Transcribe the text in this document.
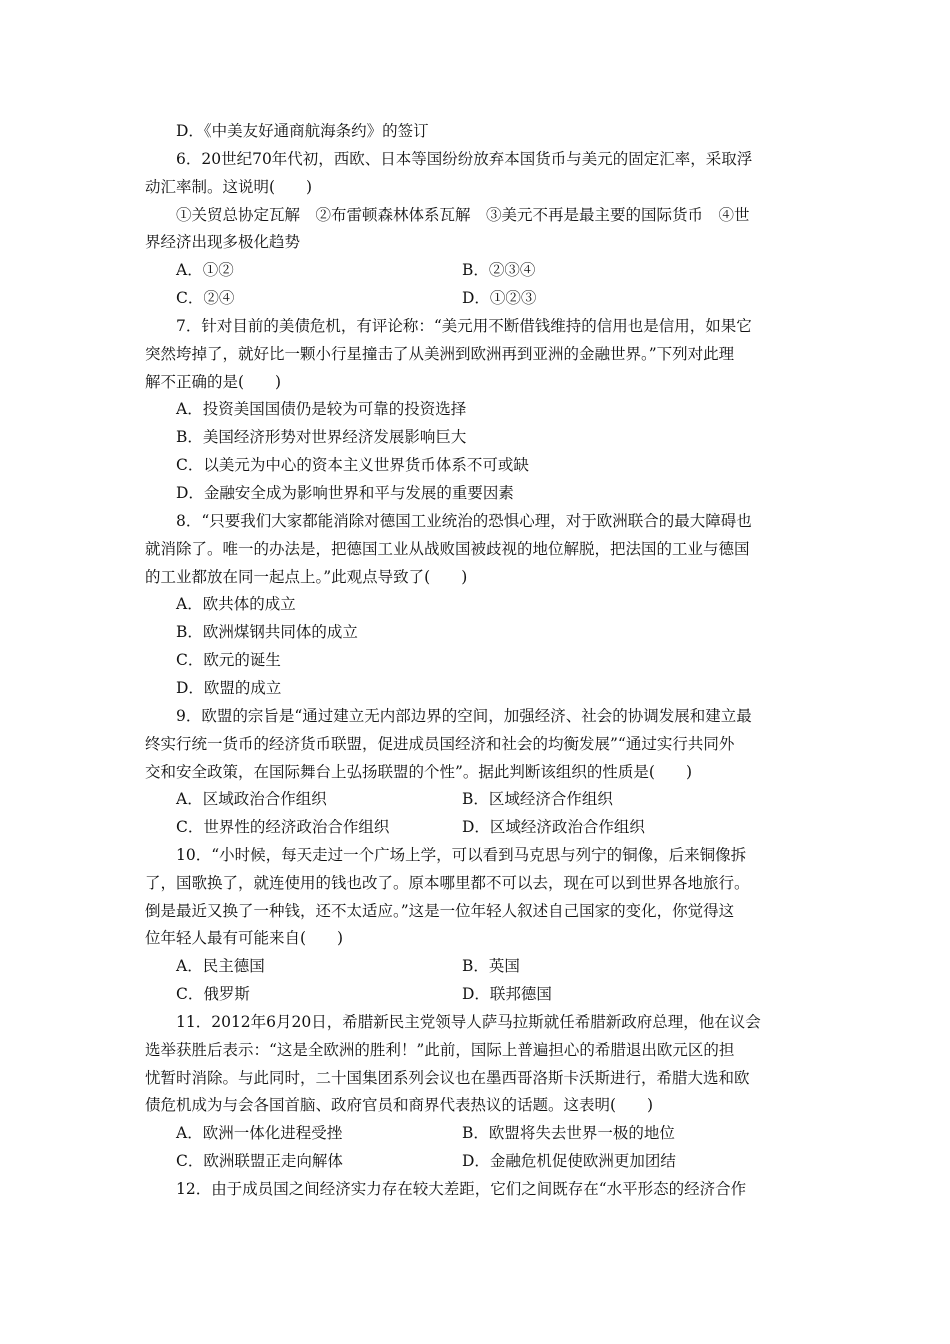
D．《中美友好通商航海条约》的签订
6．20世纪70年代初，西欧、日本等国纷纷放弃本国货币与美元的固定汇率，采取浮
动汇率制。这说明(　　)
①关贸总协定瓦解　②布雷顿森林体系瓦解　③美元不再是最主要的国际货币　④世
界经济出现多极化趋势
A．①②	B．②③④
C．②④	D．①②③
7．针对目前的美债危机，有评论称：“美元用不断借钱维持的信用也是信用，如果它
突然垮掉了，就好比一颗小行星撞击了从美洲到欧洲再到亚洲的金融世界。”下列对此理
解不正确的是(　　)
A．投资美国国债仍是较为可靠的投资选择
B．美国经济形势对世界经济发展影响巨大
C．以美元为中心的资本主义世界货币体系不可或缺
D．金融安全成为影响世界和平与发展的重要因素
8．“只要我们大家都能消除对德国工业统治的恐惧心理，对于欧洲联合的最大障碍也
就消除了。唯一的办法是，把德国工业从战败国被歧视的地位解脱，把法国的工业与德国
的工业都放在同一起点上。”此观点导致了(　　)
A．欧共体的成立
B．欧洲煤钢共同体的成立
C．欧元的诞生
D．欧盟的成立
9．欧盟的宗旨是“通过建立无内部边界的空间，加强经济、社会的协调发展和建立最
终实行统一货币的经济货币联盟，促进成员国经济和社会的均衡发展”“通过实行共同外
交和安全政策，在国际舞台上弘扬联盟的个性”。据此判断该组织的性质是(　　)
A．区域政治合作组织	B．区域经济合作组织
C．世界性的经济政治合作组织	D．区域经济政治合作组织
10．“小时候，每天走过一个广场上学，可以看到马克思与列宁的铜像，后来铜像拆
了，国歌换了，就连使用的钱也改了。原本哪里都不可以去，现在可以到世界各地旅行。
倒是最近又换了一种钱，还不太适应。”这是一位年轻人叙述自己国家的变化，你觉得这
位年轻人最有可能来自(　　)
A．民主德国	B．英国
C．俄罗斯	D．联邦德国
11．2012年6月20日，希腊新民主党领导人萨马拉斯就任希腊新政府总理，他在议会
选举获胜后表示：“这是全欧洲的胜利！”此前，国际上普遍担心的希腊退出欧元区的担
忧暂时消除。与此同时，二十国集团系列会议也在墨西哥洛斯卡沃斯进行，希腊大选和欧
债危机成为与会各国首脑、政府官员和商界代表热议的话题。这表明(　　)
A．欧洲一体化进程受挫	B．欧盟将失去世界一极的地位
C．欧洲联盟正走向解体	D．金融危机促使欧洲更加团结
12．由于成员国之间经济实力存在较大差距，它们之间既存在“水平形态的经济合作
